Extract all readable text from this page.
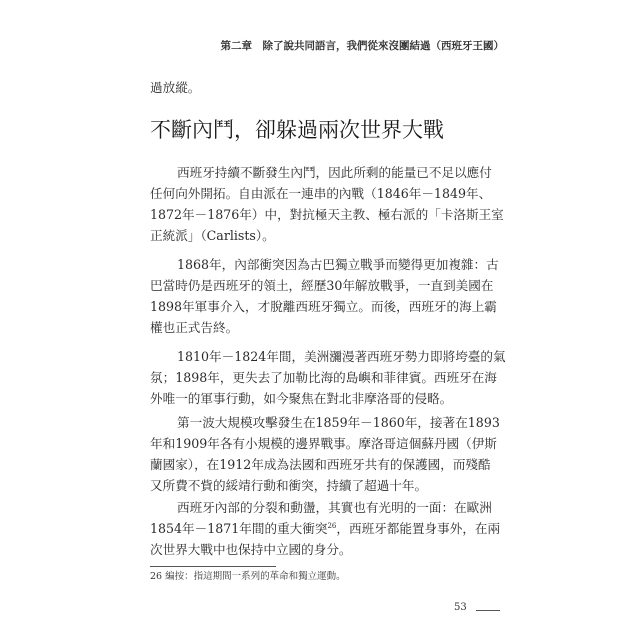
第二章　除了說共同語言，我們從來沒團結過（西班牙王國）
過放縱。
不斷內鬥，卻躲過兩次世界大戰
西班牙持續不斷發生內鬥，因此所剩的能量已不足以應付
任何向外開拓。自由派在一連串的內戰（1846年－1849年、
1872年－1876年）中，對抗極天主教、極右派的「卡洛斯王室
正統派」（Carlists）。
1868年，內部衝突因為古巴獨立戰爭而變得更加複雜：古
巴當時仍是西班牙的領土，經歷30年解放戰爭，一直到美國在
1898年軍事介入，才脫離西班牙獨立。而後，西班牙的海上霸
權也正式告終。
1810年－1824年間，美洲瀰漫著西班牙勢力即將垮臺的氣
氛；1898年，更失去了加勒比海的島嶼和菲律賓。西班牙在海
外唯一的軍事行動，如今聚焦在對北非摩洛哥的侵略。
第一波大規模攻擊發生在1859年－1860年，接著在1893
年和1909年各有小規模的邊界戰事。摩洛哥這個蘇丹國（伊斯
蘭國家），在1912年成為法國和西班牙共有的保護國，而殘酷
又所費不貲的綏靖行動和衝突，持續了超過十年。
西班牙內部的分裂和動盪，其實也有光明的一面：在歐洲
1854年－1871年間的重大衝突$^{26}$，西班牙都能置身事外，在兩
次世界大戰中也保持中立國的身分。
26 編按：指這期間一系列的革命和獨立運動。
53
